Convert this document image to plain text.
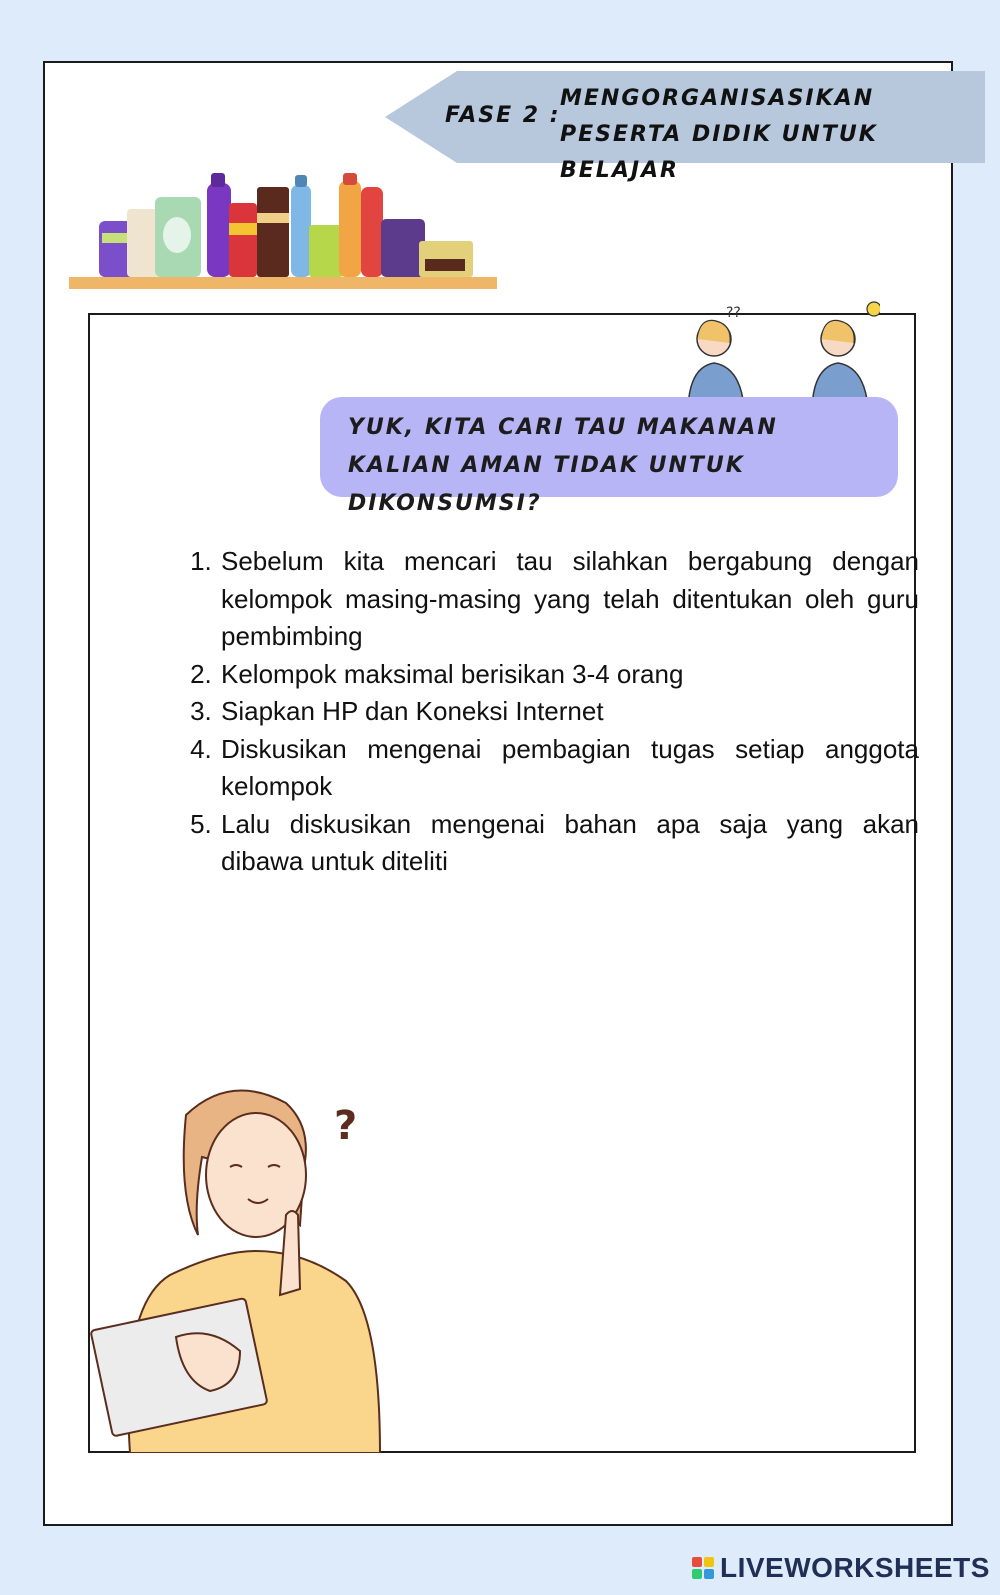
FASE 2 :
MENGORGANISASIKAN PESERTA DIDIK UNTUK BELAJAR
??
YUK, KITA CARI TAU MAKANAN KALIAN AMAN TIDAK UNTUK DIKONSUMSI?
1. Sebelum kita mencari tau silahkan bergabung dengan kelompok masing-masing yang telah ditentukan oleh guru pembimbing
2. Kelompok maksimal berisikan 3-4 orang
3. Siapkan HP dan Koneksi Internet
4. Diskusikan mengenai pembagian tugas setiap anggota kelompok
5. Lalu diskusikan mengenai bahan apa saja yang akan dibawa untuk diteliti
?
LIVEWORKSHEETS
